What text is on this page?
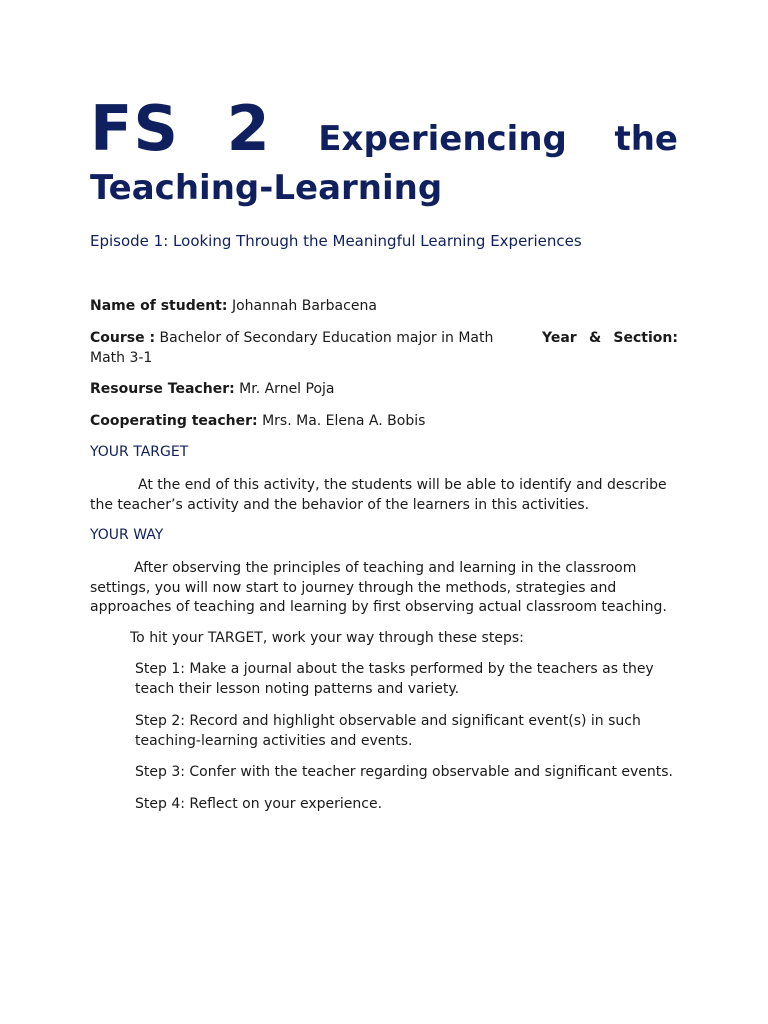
FS 2 Experiencing the
Teaching-Learning
Episode 1: Looking Through the Meaningful Learning Experiences
Name of student: Johannah Barbacena
Course : Bachelor of Secondary Education major in Math	Year & Section:
Math 3-1
Resourse Teacher: Mr. Arnel Poja
Cooperating teacher: Mrs. Ma. Elena A. Bobis
YOUR TARGET
At the end of this activity, the students will be able to identify and describe
the teacher’s activity and the behavior of the learners in this activities.
YOUR WAY
After observing the principles of teaching and learning in the classroom
settings, you will now start to journey through the methods, strategies and
approaches of teaching and learning by first observing actual classroom teaching.
To hit your TARGET, work your way through these steps:
Step 1: Make a journal about the tasks performed by the teachers as they
teach their lesson noting patterns and variety.
Step 2: Record and highlight observable and significant event(s) in such
teaching-learning activities and events.
Step 3: Confer with the teacher regarding observable and significant events.
Step 4: Reflect on your experience.
